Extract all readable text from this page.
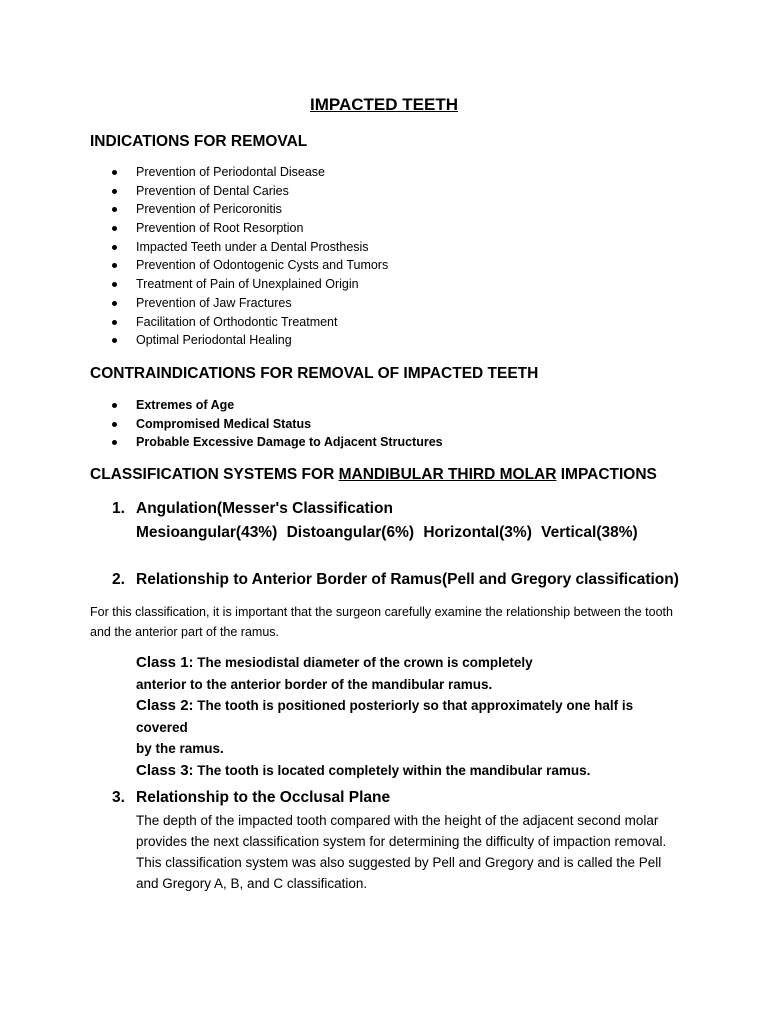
IMPACTED TEETH
INDICATIONS FOR REMOVAL
Prevention of Periodontal Disease
Prevention of Dental Caries
Prevention of Pericoronitis
Prevention of Root Resorption
Impacted Teeth under a Dental Prosthesis
Prevention of Odontogenic Cysts and Tumors
Treatment of Pain of Unexplained Origin
Prevention of Jaw Fractures
Facilitation of Orthodontic Treatment
Optimal Periodontal Healing
CONTRAINDICATIONS FOR REMOVAL OF IMPACTED TEETH
Extremes of Age
Compromised Medical Status
Probable Excessive Damage to Adjacent Structures
CLASSIFICATION SYSTEMS FOR MANDIBULAR THIRD MOLAR IMPACTIONS
1. Angulation(Messer's Classification
Mesioangular(43%) Distoangular(6%) Horizontal(3%) Vertical(38%)
2. Relationship to Anterior Border of Ramus(Pell and Gregory classification)
For this classification, it is important that the surgeon carefully examine the relationship between the tooth and the anterior part of the ramus.
Class 1: The mesiodistal diameter of the crown is completely
anterior to the anterior border of the mandibular ramus.
Class 2: The tooth is positioned posteriorly so that approximately one half is covered
by the ramus.
Class 3: The tooth is located completely within the mandibular ramus.
3. Relationship to the Occlusal Plane
The depth of the impacted tooth compared with the height of the adjacent second molar provides the next classification system for determining the difficulty of impaction removal. This classification system was also suggested by Pell and Gregory and is called the Pell and Gregory A, B, and C classification.
